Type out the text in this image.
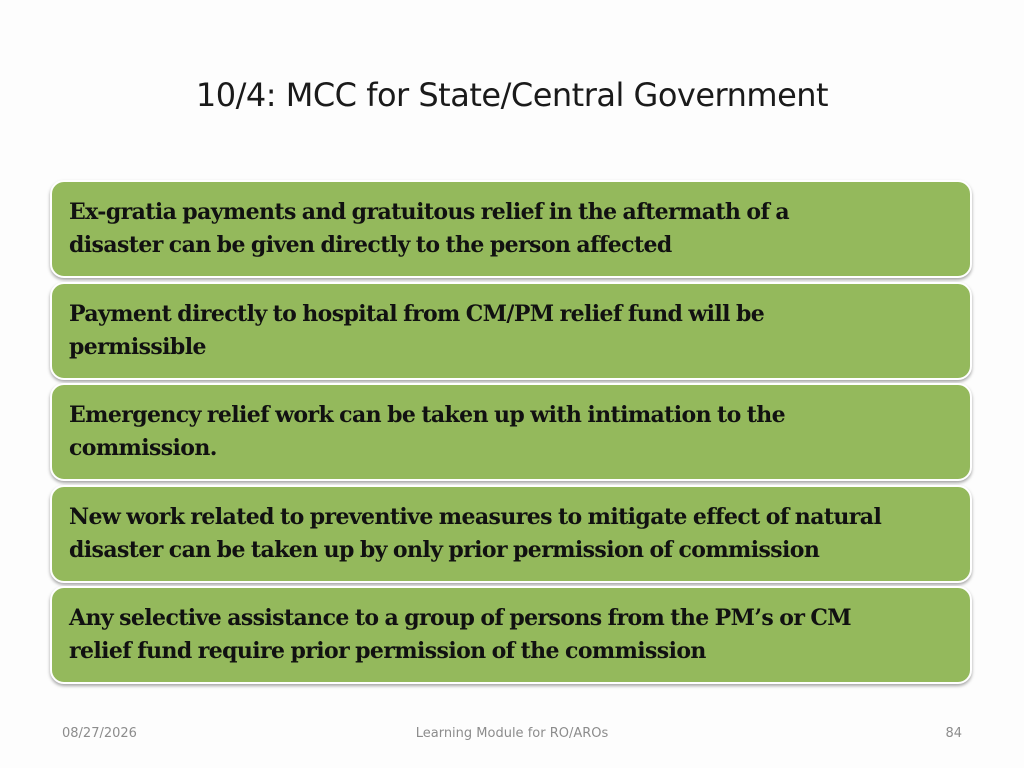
10/4: MCC for State/Central Government
Ex-gratia payments and gratuitous relief in the aftermath of a disaster can be given directly to the person affected
Payment directly to hospital from CM/PM relief fund will be permissible
Emergency relief work can be taken up with intimation to the commission.
New work related to preventive measures to mitigate effect of natural disaster can be taken up by only prior permission of commission
Any selective assistance to a group of persons from the PM’s or CM relief fund require prior permission of the commission
08/27/2026	Learning Module for RO/AROs	84
